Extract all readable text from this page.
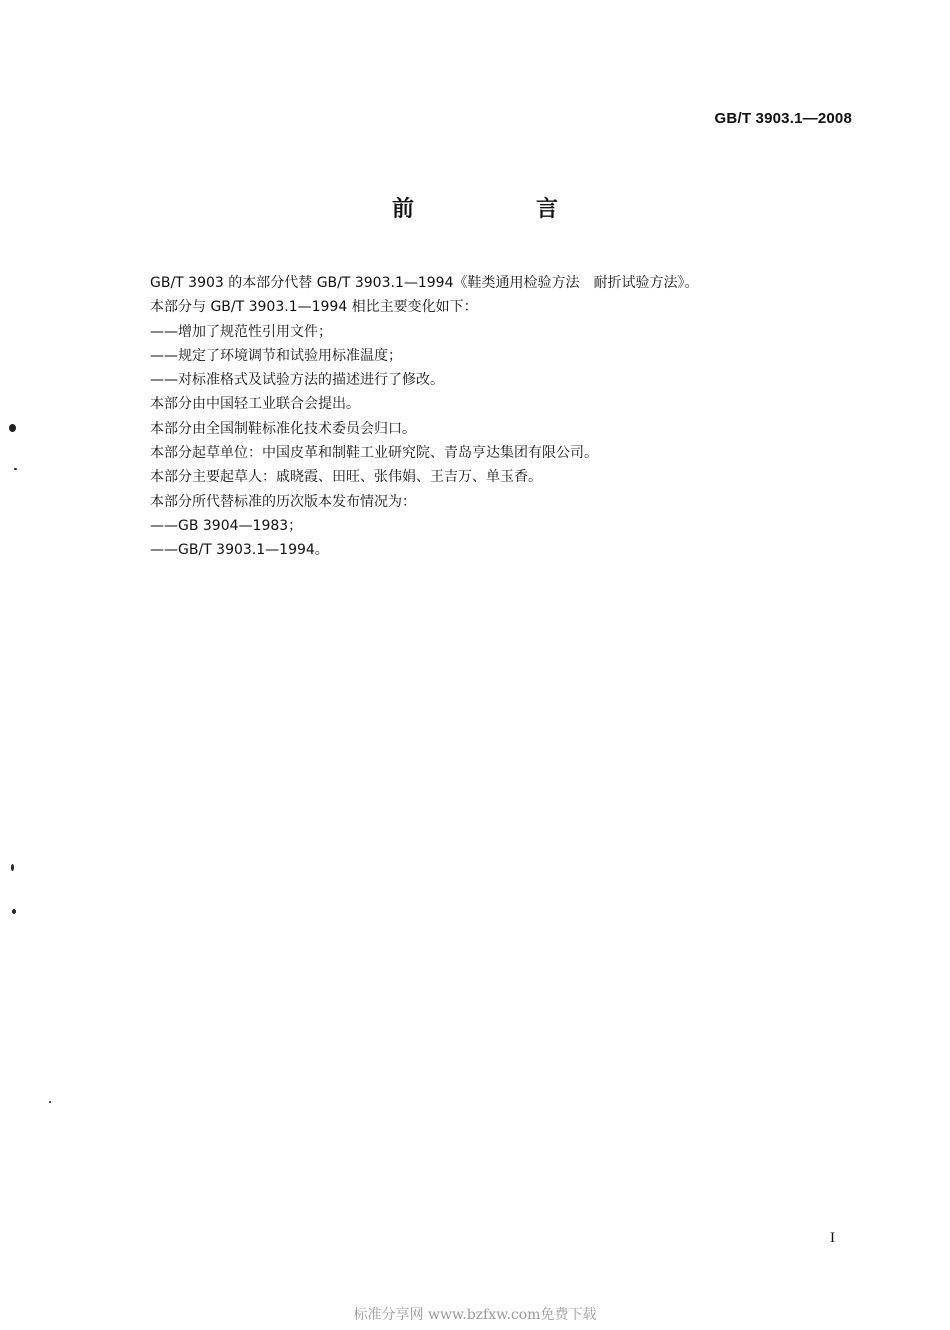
GB/T 3903.1—2008
前　言

GB/T 3903 的本部分代替 GB/T 3903.1—1994《鞋类通用检验方法　耐折试验方法》。

本部分与 GB/T 3903.1—1994 相比主要变化如下：

——增加了规范性引用文件；

——规定了环境调节和试验用标准温度；

——对标准格式及试验方法的描述进行了修改。

本部分由中国轻工业联合会提出。

本部分由全国制鞋标准化技术委员会归口。

本部分起草单位：中国皮革和制鞋工业研究院、青岛亨达集团有限公司。

本部分主要起草人：戚晓霞、田旺、张伟娟、王吉万、单玉香。

本部分所代替标准的历次版本发布情况为：

——GB 3904—1983；

——GB/T 3903.1—1994。

I
标准分享网 www.bzfxw.com免费下载
